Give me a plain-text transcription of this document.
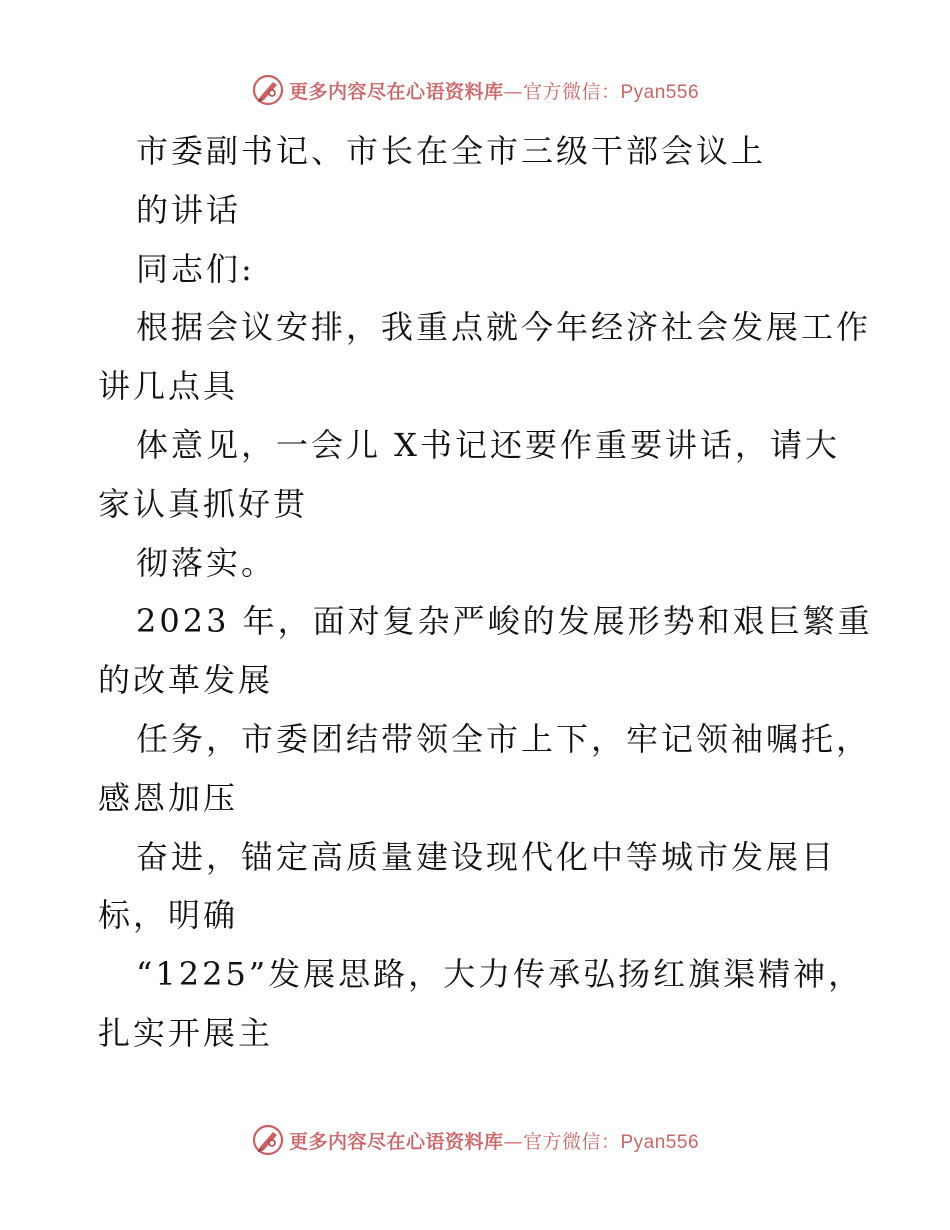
更多内容尽在心语资料库—官方微信：Pyan556
市委副书记、市长在全市三级干部会议上
的讲话
同志们:
根据会议安排，我重点就今年经济社会发展工作
讲几点具
体意见，一会儿 X书记还要作重要讲话，请大
家认真抓好贯
彻落实。
2023 年，面对复杂严峻的发展形势和艰巨繁重
的改革发展
任务，市委团结带领全市上下，牢记领袖嘱托，
感恩加压
奋进，锚定高质量建设现代化中等城市发展目
标，明确
“1225”发展思路，大力传承弘扬红旗渠精神，
扎实开展主
更多内容尽在心语资料库—官方微信：Pyan556
